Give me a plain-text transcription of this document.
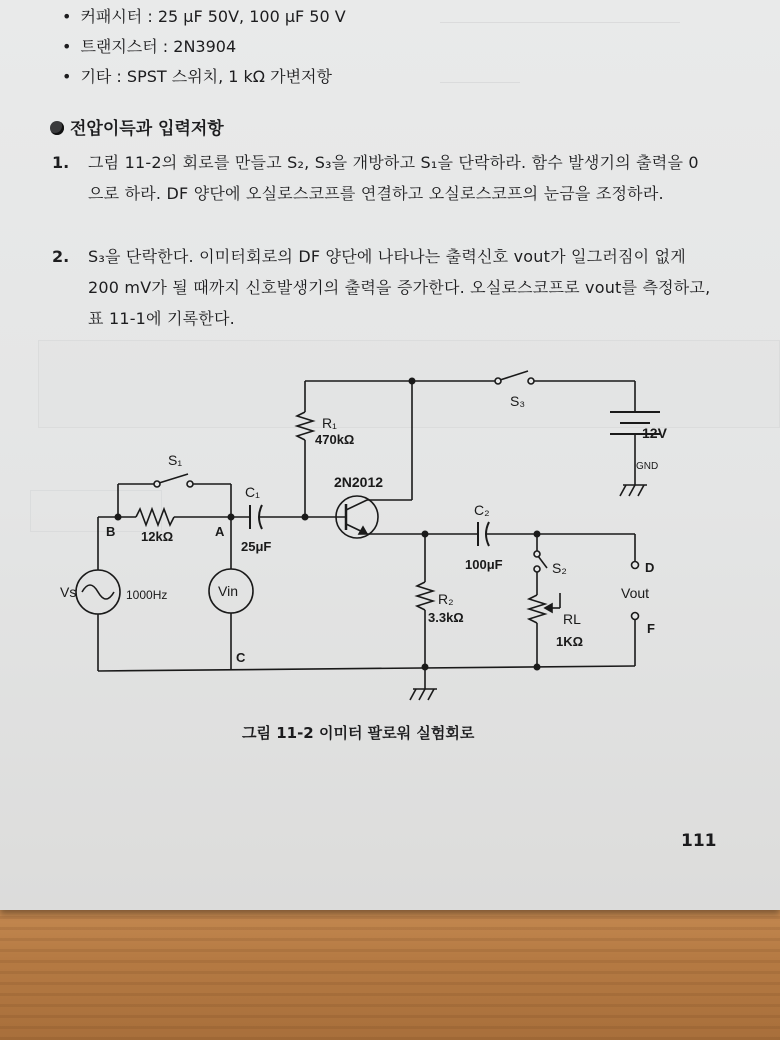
• 커패시터 : 25 μF 50V, 100 μF 50 V
• 트랜지스터 : 2N3904
• 기타 : SPST 스위치, 1 kΩ 가변저항
전압이득과 입력저항
1. 그림 11-2의 회로를 만들고 S₂, S₃을 개방하고 S₁을 단락하라. 함수 발생기의 출력을 0으로 하라. DF 양단에 오실로스코프를 연결하고 오실로스코프의 눈금을 조정하라.
2. S₃을 단락한다. 이미터회로의 DF 양단에 나타나는 출력신호 vout가 일그러짐이 없게 200 mV가 될 때까지 신호발생기의 출력을 증가한다. 오실로스코프로 vout를 측정하고, 표 11-1에 기록한다.
S₃
12V
GND
R₁
470kΩ
2N2012
S₁
C₁
25μF
12kΩ
B	A
C
Vs	1000Hz	Vin
C₂
100μF	S₂	D
Vout
F
R₂
3.3kΩ	RL
1KΩ
그림 11-2 이미터 팔로워 실험회로
111
